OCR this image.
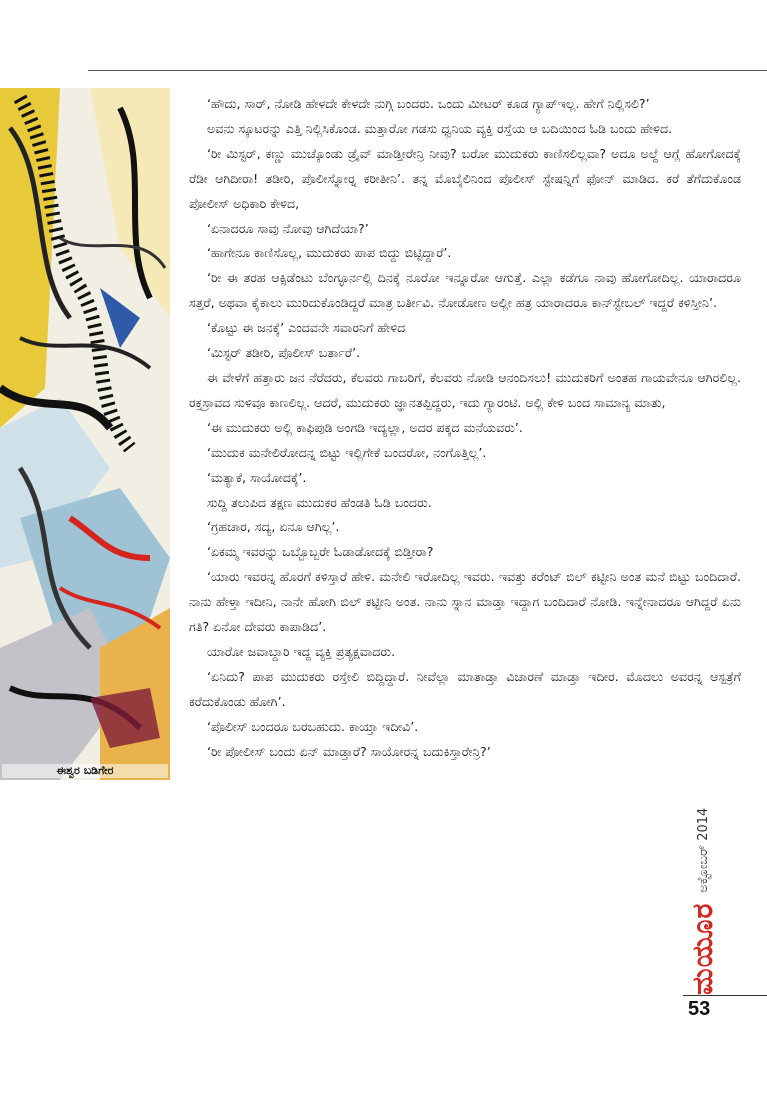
ಈಶ್ವರ ಬಡಿಗೇರ

‘ಹೌದು, ಸಾರ್, ನೋಡಿ ಹೇಳದೇ ಕೇಳದೇ ನುಗ್ಗಿ ಬಂದರು. ಒಂದು ಮೀಟರ್ ಕೂಡ ಗ್ಯಾಪ್‌ಇಲ್ಲ. ಹೇಗೆ ನಿಲ್ಲಿಸಲಿ?’

ಅವನು ಸ್ಕೂಟರನ್ನು ಎತ್ತಿ ನಿಲ್ಲಿಸಿಕೊಂಡ. ಮತ್ತಾರೋ ಗಡಸು ಧ್ವನಿಯ ವ್ಯಕ್ತಿ ರಸ್ತೆಯ ಆ ಬದಿಯಿಂದ ಓಡಿ ಬಂದು ಹೇಳಿದ.

‘ರೀ ಮಿಸ್ಟರ್, ಕಣ್ಣು ಮುಚ್ಕೊಂಡು ಡ್ರೈವ್ ಮಾಡ್ತೀರೇನ್ರಿ ನೀವು? ಬರೋ ಮುದುಕರು ಕಾಣಿಸಲಿಲ್ಲವಾ? ಅದೂ ಅಲ್ದೆ ಆಗ್ಲೆ ಹೋಗೋದಕ್ಕೆ ರೆಡೀ ಆಗಿದೀರಾ! ತಡೀರಿ, ಪೊಲೀಸ್ನೋರ್‍ನ ಕರೀತೀನಿ’. ತನ್ನ ಮೊಬೈಲಿನಿಂದ ಪೊಲೀಸ್ ಸ್ಟೇಷನ್ನಿಗೆ ಫೋನ್ ಮಾಡಿದ. ಕರೆ ತೆಗೆದುಕೊಂಡ ಪೋಲೀಸ್ ಅಧಿಕಾರಿ ಕೇಳಿದ,

‘ಏನಾದರೂ ಸಾವು ನೋವು ಆಗಿದೆಯಾ?’

‘ಹಾಗೇನೂ ಕಾಣಿಸೊಲ್ಲ, ಮುದುಕರು ಪಾಪ ಬಿದ್ದು ಬಿಟ್ಟಿದ್ದಾರೆ’.

‘ರೀ ಈ ತರಹ ಆಕ್ಸಿಡೆಂಟು ಬೆಂಗ್ಳೂರ್ನಲ್ಲಿ ದಿನಕ್ಕೆ ನೂರೋ ಇನ್ನೂರೋ ಆಗುತ್ತೆ. ಎಲ್ಲಾ ಕಡೆಗೂ ನಾವು ಹೋಗೋದಿಲ್ಲ. ಯಾರಾದರೂ ಸತ್ತರೆ, ಅಥವಾ ಕೈಕಾಲು ಮುರಿದುಕೊಂಡಿದ್ದರೆ ಮಾತ್ರ ಬರ್ತೀವಿ. ನೋಡೋಣ ಅಲ್ಲೀ ಹತ್ರ ಯಾರಾದರೂ ಕಾನ್‌ಸ್ಟೇಬಲ್ ಇದ್ದರೆ ಕಳಿಸ್ತೀನಿ’.

‘ಕೊಟ್ಟು ಈ ಜನಕ್ಕೆ’ ಎಂದವನೇ ಸವಾರನಿಗೆ ಹೇಳಿದ

‘ಮಿಸ್ಟರ್ ತಡೀರಿ, ಪೊಲೀಸ್ ಬರ್ತಾರೆ’.

ಈ ವೇಳೆಗೆ ಹತ್ತಾರು ಜನ ನೆರೆದರು, ಕೆಲವರು ಗಾಬರಿಗೆ, ಕೆಲವರು ನೋಡಿ ಆನಂದಿಸಲು! ಮುದುಕರಿಗೆ ಅಂತಹ ಗಾಯವೇನೂ ಆಗಿರಲಿಲ್ಲ. ರಕ್ತಸ್ರಾವದ ಸುಳಿವೂ ಕಾಣಲಿಲ್ಲ. ಆದರೆ, ಮುದುಕರು ಜ್ಞಾನತಪ್ಪಿದ್ದರು, ಇದು ಗ್ಯಾರಂಟಿ. ಅಲ್ಲಿ ಕೇಳಿ ಬಂದ ಸಾಮಾನ್ಯ ಮಾತು,

‘ಈ ಮುದುಕರು ಅಲ್ಲಿ ಕಾಫಿಪುಡಿ ಅಂಗಡಿ ಇದ್ಯಲ್ಲಾ, ಅದರ ಪಕ್ಕದ ಮನೆಯವರು’.

‘ಮುದುಕ ಮನೇಲಿರೋದನ್ನ ಬಿಟ್ಟು ಇಲ್ಲಿಗೇಕೆ ಬಂದರೋ, ನಂಗೊತ್ತಿಲ್ಲ’.

‘ಮತ್ಯಾಕೆ, ಸಾಯೋದಕ್ಕೆ’.

ಸುದ್ದಿ ತಲುಪಿದ ತಕ್ಷಣ ಮುದುಕರ ಹೆಂಡತಿ ಓಡಿ ಬಂದರು.

‘ಗ್ರಹಚಾರ, ಸದ್ಯ, ಏನೂ ಆಗಿಲ್ಲ’.

‘ಏಕಮ್ಮ ಇವರನ್ನು ಒಬ್ಬೊಬ್ಬರೇ ಓಡಾಡೋದಕ್ಕೆ ಬಿಡ್ತೀರಾ?

‘ಯಾರು ಇವರನ್ನ ಹೊರಗೆ ಕಳಿಸ್ತಾರೆ ಹೇಳಿ. ಮನೇಲಿ ಇರೋದಿಲ್ಲ ಇವರು. ಇವತ್ತು ಕರೆಂಟ್ ಬಿಲ್ ಕಟ್ಟೀನಿ ಅಂತ ಮನೆ ಬಿಟ್ಟು ಬಂದಿದಾರೆ. ನಾನು ಹೇಳ್ತಾ ಇದೀನಿ, ನಾನೇ ಹೋಗಿ ಬಿಲ್ ಕಟ್ಟೀನಿ ಅಂತ. ನಾನು ಸ್ನಾನ ಮಾಡ್ತಾ ಇದ್ದಾಗ ಬಂದಿದಾರೆ ನೋಡಿ. ಇನ್ನೇನಾದರೂ ಆಗಿದ್ದರೆ ಏನು ಗತಿ? ಏನೋ ದೇವರು ಕಾಪಾಡಿದ’.

ಯಾರೋ ಜವಾಬ್ದಾರಿ ಇದ್ದ ವ್ಯಕ್ತಿ ಪ್ರತ್ಯಕ್ಷವಾದರು.

‘ಏನಿದು? ಪಾಪ ಮುದುಕರು ರಸ್ತೇಲಿ ಬಿದ್ದಿದ್ದಾರೆ. ನೀವೆಲ್ಲಾ ಮಾತಾಡ್ತಾ ವಿಚಾರಣೆ ಮಾಡ್ತಾ ಇದೀರ. ಮೊದಲು ಅವರನ್ನ ಆಸ್ಪತ್ರೆಗೆ ಕರೆದುಕೊಂಡು ಹೋಗಿ’.

‘ಪೊಲೀಸ್ ಬಂದರೂ ಬರಬಹುದು. ಕಾಯ್ತಾ ಇದೀವಿ’.

‘ರೀ ಪೋಲೀಸ್ ಬಂದು ಏನ್ ಮಾಡ್ತಾರೆ? ಸಾಯೋರನ್ನ ಬದುಕಿಸ್ತಾರೇನ್ರಿ?’

ಮಯೂರ
ಅಕ್ಟೋಬರ್ 2014
53
